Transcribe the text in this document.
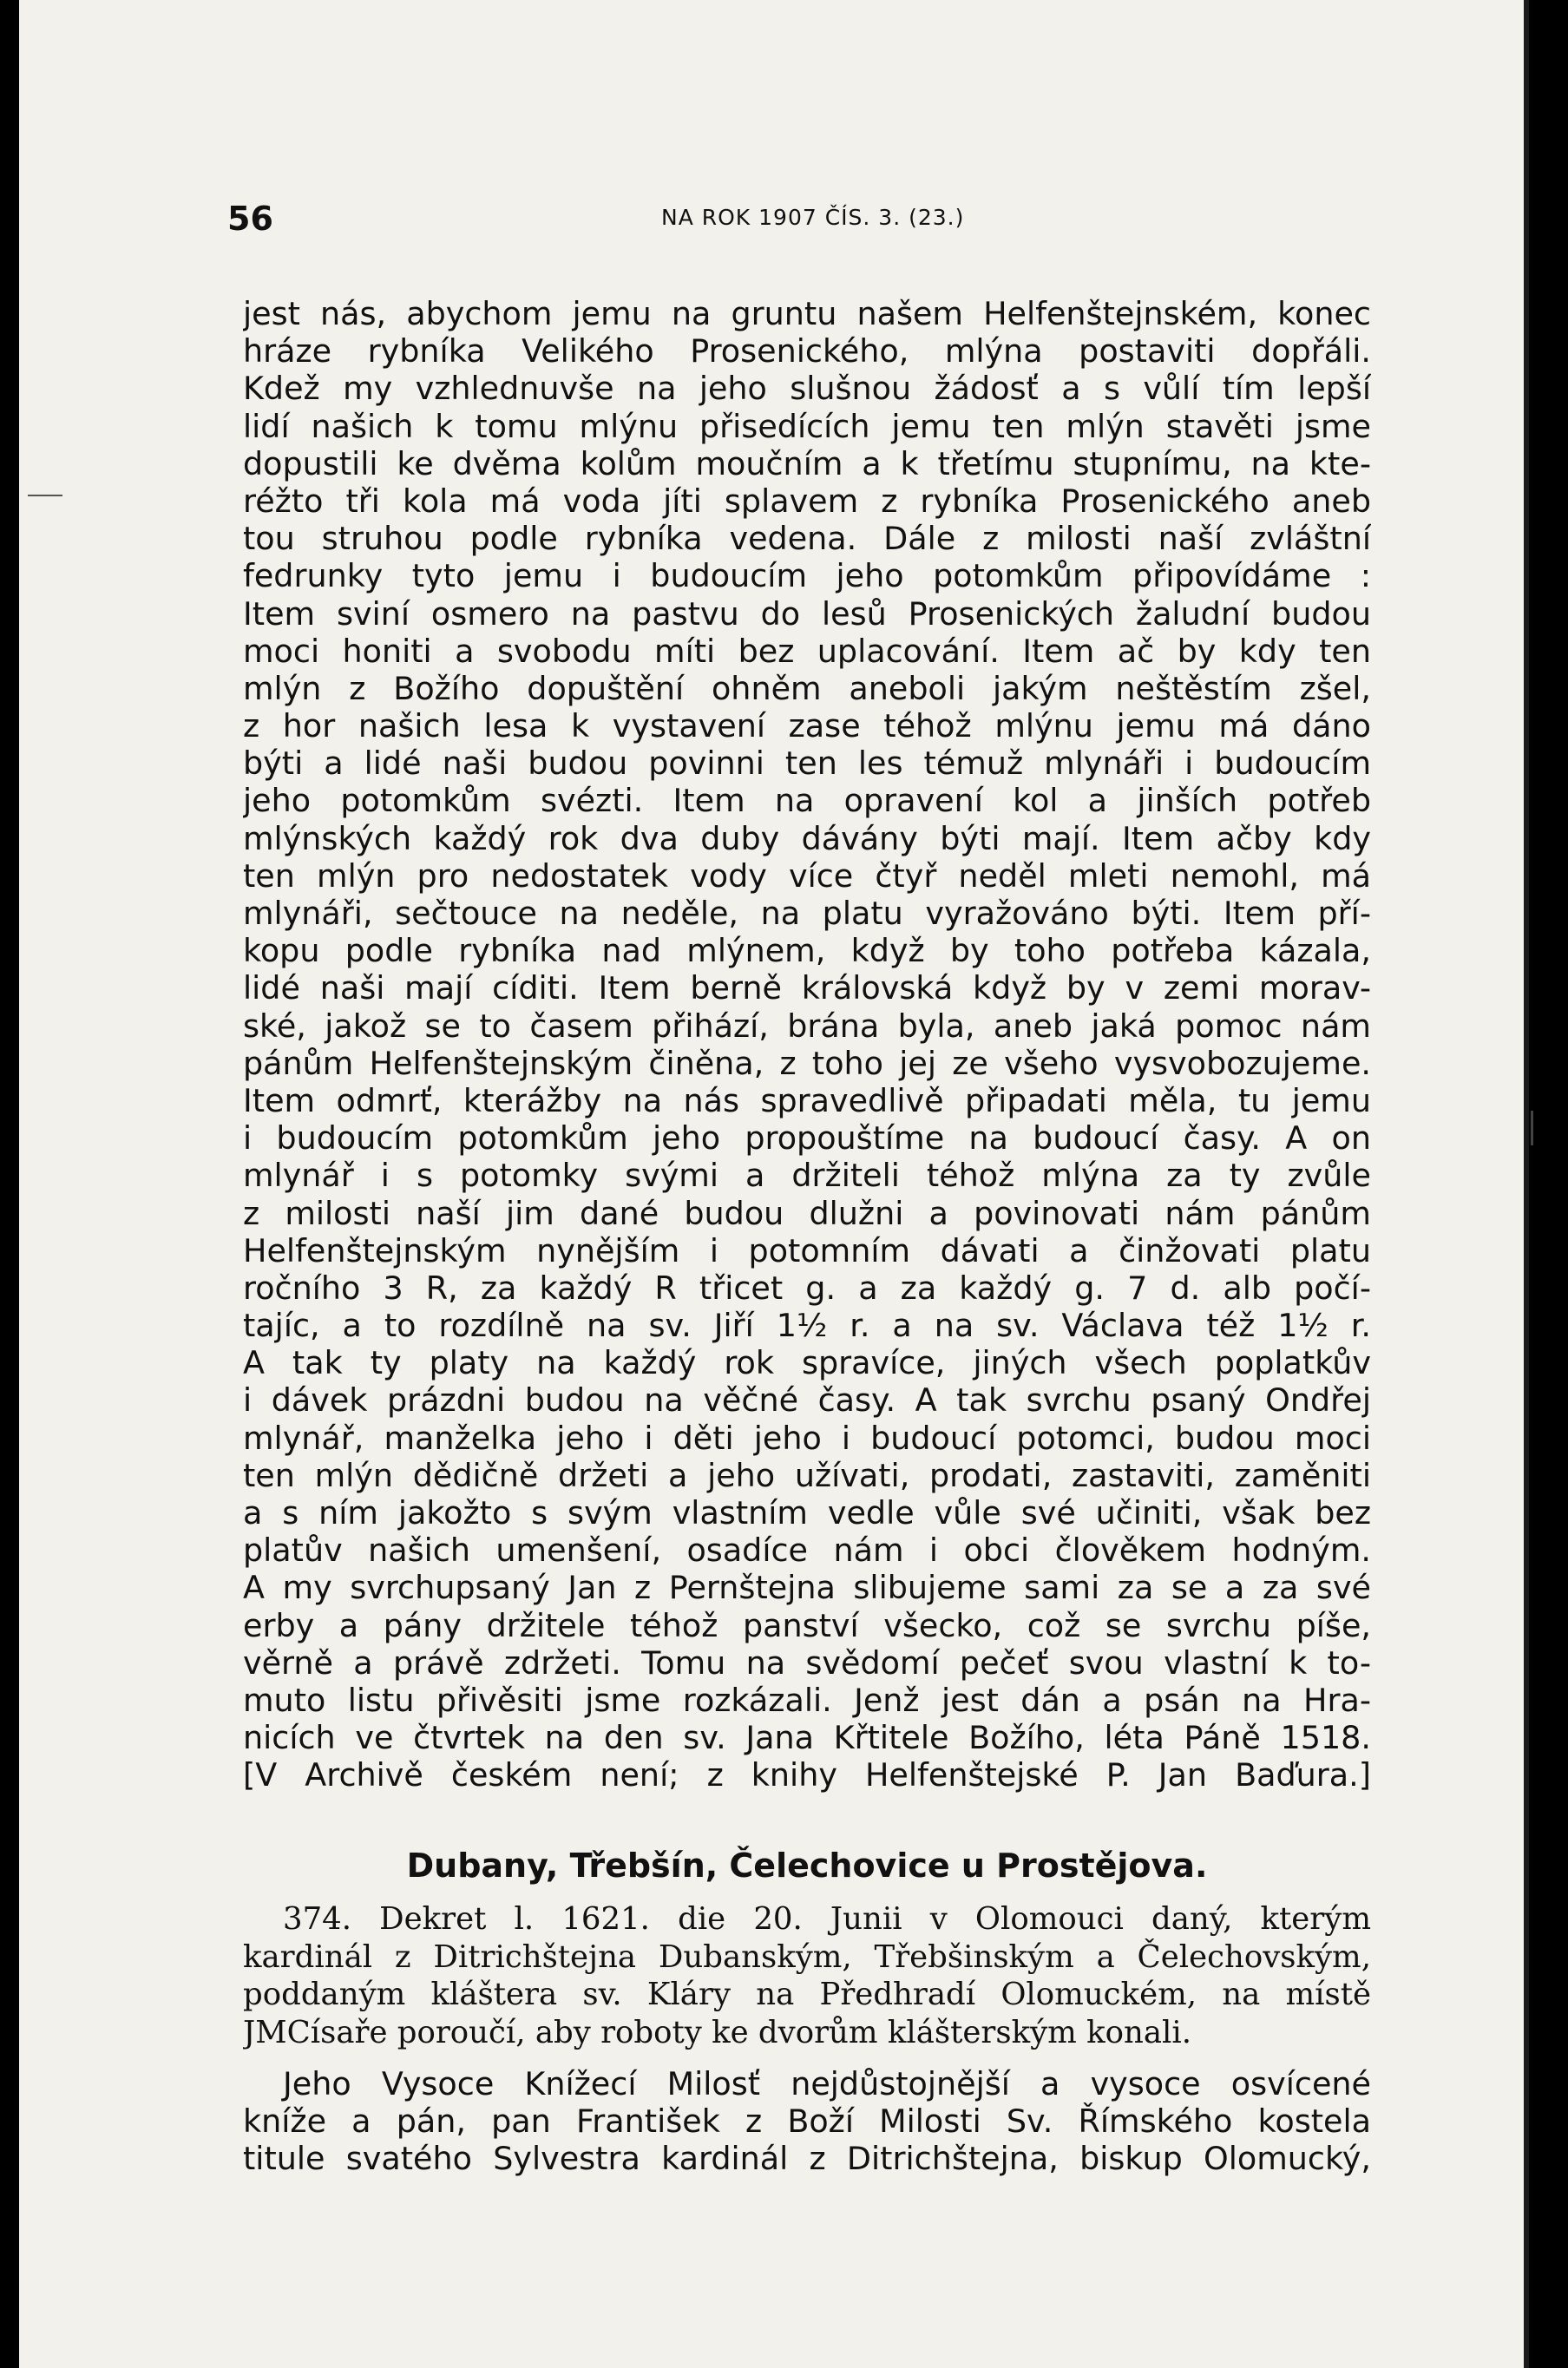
56	NA ROK 1907 ČÍS. 3. (23.)
jest nás, abychom jemu na gruntu našem Helfenštejnském, konec
hráze rybníka Velikého Prosenického, mlýna postaviti dopřáli.
Kdež my vzhlednuvše na jeho slušnou žádosť a s vůlí tím lepší
lidí našich k tomu mlýnu přisedících jemu ten mlýn stavěti jsme
dopustili ke dvěma kolům moučním a k třetímu stupnímu, na kte-
réžto tři kola má voda jíti splavem z rybníka Prosenického aneb
tou struhou podle rybníka vedena. Dále z milosti naší zvláštní
fedrunky tyto jemu i budoucím jeho potomkům připovídáme :
Item sviní osmero na pastvu do lesů Prosenických žaludní budou
moci honiti a svobodu míti bez uplacování. Item ač by kdy ten
mlýn z Božího dopuštění ohněm aneboli jakým neštěstím zšel,
z hor našich lesa k vystavení zase téhož mlýnu jemu má dáno
býti a lidé naši budou povinni ten les témuž mlynáři i budoucím
jeho potomkům svézti. Item na opravení kol a jinších potřeb
mlýnských každý rok dva duby dávány býti mají. Item ačby kdy
ten mlýn pro nedostatek vody více čtyř neděl mleti nemohl, má
mlynáři, sečtouce na neděle, na platu vyražováno býti. Item pří-
kopu podle rybníka nad mlýnem, když by toho potřeba kázala,
lidé naši mají cíditi. Item berně královská když by v zemi morav-
ské, jakož se to časem přihází, brána byla, aneb jaká pomoc nám
pánům Helfenštejnským činěna, z toho jej ze všeho vysvobozujeme.
Item odmrť, kterážby na nás spravedlivě připadati měla, tu jemu
i budoucím potomkům jeho propouštíme na budoucí časy. A on
mlynář i s potomky svými a držiteli téhož mlýna za ty zvůle
z milosti naší jim dané budou dlužni a povinovati nám pánům
Helfenštejnským nynějším i potomním dávati a činžovati platu
ročního 3 R, za každý R třicet g. a za každý g. 7 d. alb počí-
tajíc, a to rozdílně na sv. Jiří 1½ r. a na sv. Václava též 1½ r.
A tak ty platy na každý rok spravíce, jiných všech poplatkův
i dávek prázdni budou na věčné časy. A tak svrchu psaný Ondřej
mlynář, manželka jeho i děti jeho i budoucí potomci, budou moci
ten mlýn dědičně držeti a jeho užívati, prodati, zastaviti, zaměniti
a s ním jakožto s svým vlastním vedle vůle své učiniti, však bez
platův našich umenšení, osadíce nám i obci člověkem hodným.
A my svrchupsaný Jan z Pernštejna slibujeme sami za se a za své
erby a pány držitele téhož panství všecko, což se svrchu píše,
věrně a právě zdržeti. Tomu na svědomí pečeť svou vlastní k to-
muto listu přivěsiti jsme rozkázali. Jenž jest dán a psán na Hra-
nicích ve čtvrtek na den sv. Jana Křtitele Božího, léta Páně 1518.
[V Archivě českém není; z knihy Helfenštejské P. Jan Baďura.]
Dubany, Třebšín, Čelechovice u Prostějova.
374. Dekret l. 1621. die 20. Junii v Olomouci daný, kterým
kardinál z Ditrichštejna Dubanským, Třebšinským a Čelechovským,
poddaným kláštera sv. Kláry na Předhradí Olomuckém, na místě
JMCísaře poroučí, aby roboty ke dvorům klášterským konali.
Jeho Vysoce Knížecí Milosť nejdůstojnější a vysoce osvícené
kníže a pán, pan František z Boží Milosti Sv. Římského kostela
titule svatého Sylvestra kardinál z Ditrichštejna, biskup Olomucký,
